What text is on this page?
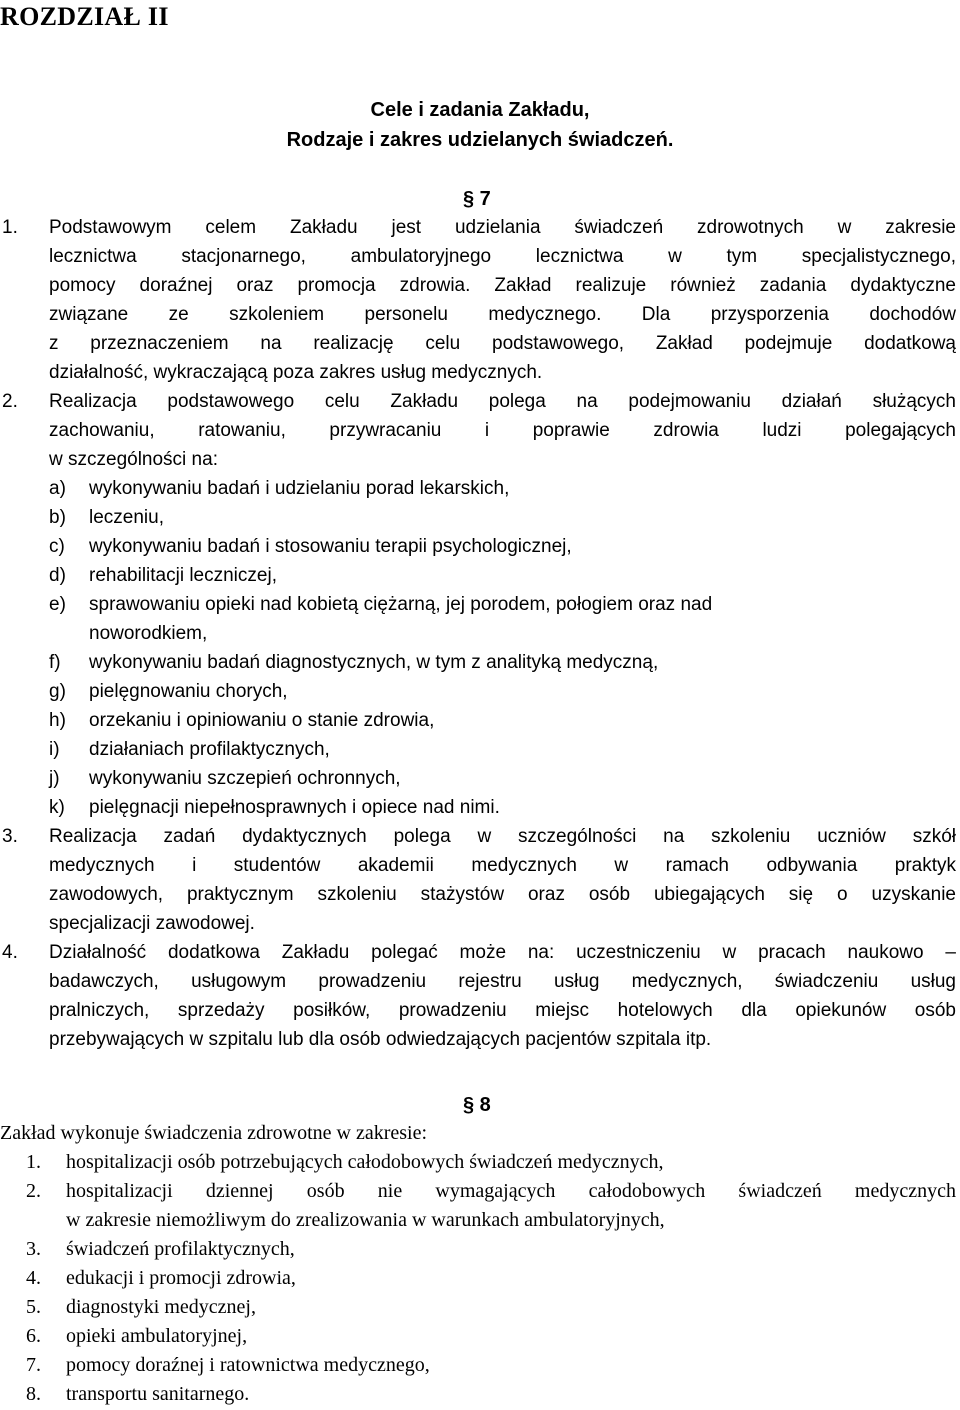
ROZDZIAŁ II
Cele i zadania Zakładu,
Rodzaje i zakres udzielanych świadczeń.
§ 7
1. Podstawowym celem Zakładu jest udzielania świadczeń zdrowotnych w zakresie
lecznictwa stacjonarnego, ambulatoryjnego lecznictwa w tym specjalistycznego,
pomocy doraźnej oraz promocja zdrowia. Zakład realizuje również zadania dydaktyczne
związane ze szkoleniem personelu medycznego. Dla przysporzenia dochodów
z przeznaczeniem na realizację celu podstawowego, Zakład podejmuje dodatkową
działalność, wykraczającą poza zakres usług medycznych.
2. Realizacja podstawowego celu Zakładu polega na podejmowaniu działań służących
zachowaniu, ratowaniu, przywracaniu i poprawie zdrowia ludzi polegających
w szczególności na:
a) wykonywaniu badań i udzielaniu porad lekarskich,
b) leczeniu,
c) wykonywaniu badań i stosowaniu terapii psychologicznej,
d) rehabilitacji leczniczej,
e) sprawowaniu opieki nad kobietą ciężarną, jej porodem, połogiem oraz nad
noworodkiem,
f) wykonywaniu badań diagnostycznych, w tym z analityką medyczną,
g) pielęgnowaniu chorych,
h) orzekaniu i opiniowaniu o stanie zdrowia,
i) działaniach profilaktycznych,
j) wykonywaniu szczepień ochronnych,
k) pielęgnacji niepełnosprawnych i opiece nad nimi.
3. Realizacja zadań dydaktycznych polega w szczególności na szkoleniu uczniów szkół
medycznych i studentów akademii medycznych w ramach odbywania praktyk
zawodowych, praktycznym szkoleniu stażystów oraz osób ubiegających się o uzyskanie
specjalizacji zawodowej.
4. Działalność dodatkowa Zakładu polegać może na: uczestniczeniu w pracach naukowo –
badawczych, usługowym prowadzeniu rejestru usług medycznych, świadczeniu usług
pralniczych, sprzedaży posiłków, prowadzeniu miejsc hotelowych dla opiekunów osób
przebywających w szpitalu lub dla osób odwiedzających pacjentów szpitala itp.
§ 8
Zakład wykonuje świadczenia zdrowotne w zakresie:
1. hospitalizacji osób potrzebujących całodobowych świadczeń medycznych,
2.	hospitalizacji dziennej osób nie wymagających całodobowych świadczeń medycznych
w zakresie niemożliwym do zrealizowania w warunkach ambulatoryjnych,
3. świadczeń profilaktycznych,
4. edukacji i promocji zdrowia,
5. diagnostyki medycznej,
6. opieki ambulatoryjnej,
7. pomocy doraźnej i ratownictwa medycznego,
8. transportu sanitarnego.
